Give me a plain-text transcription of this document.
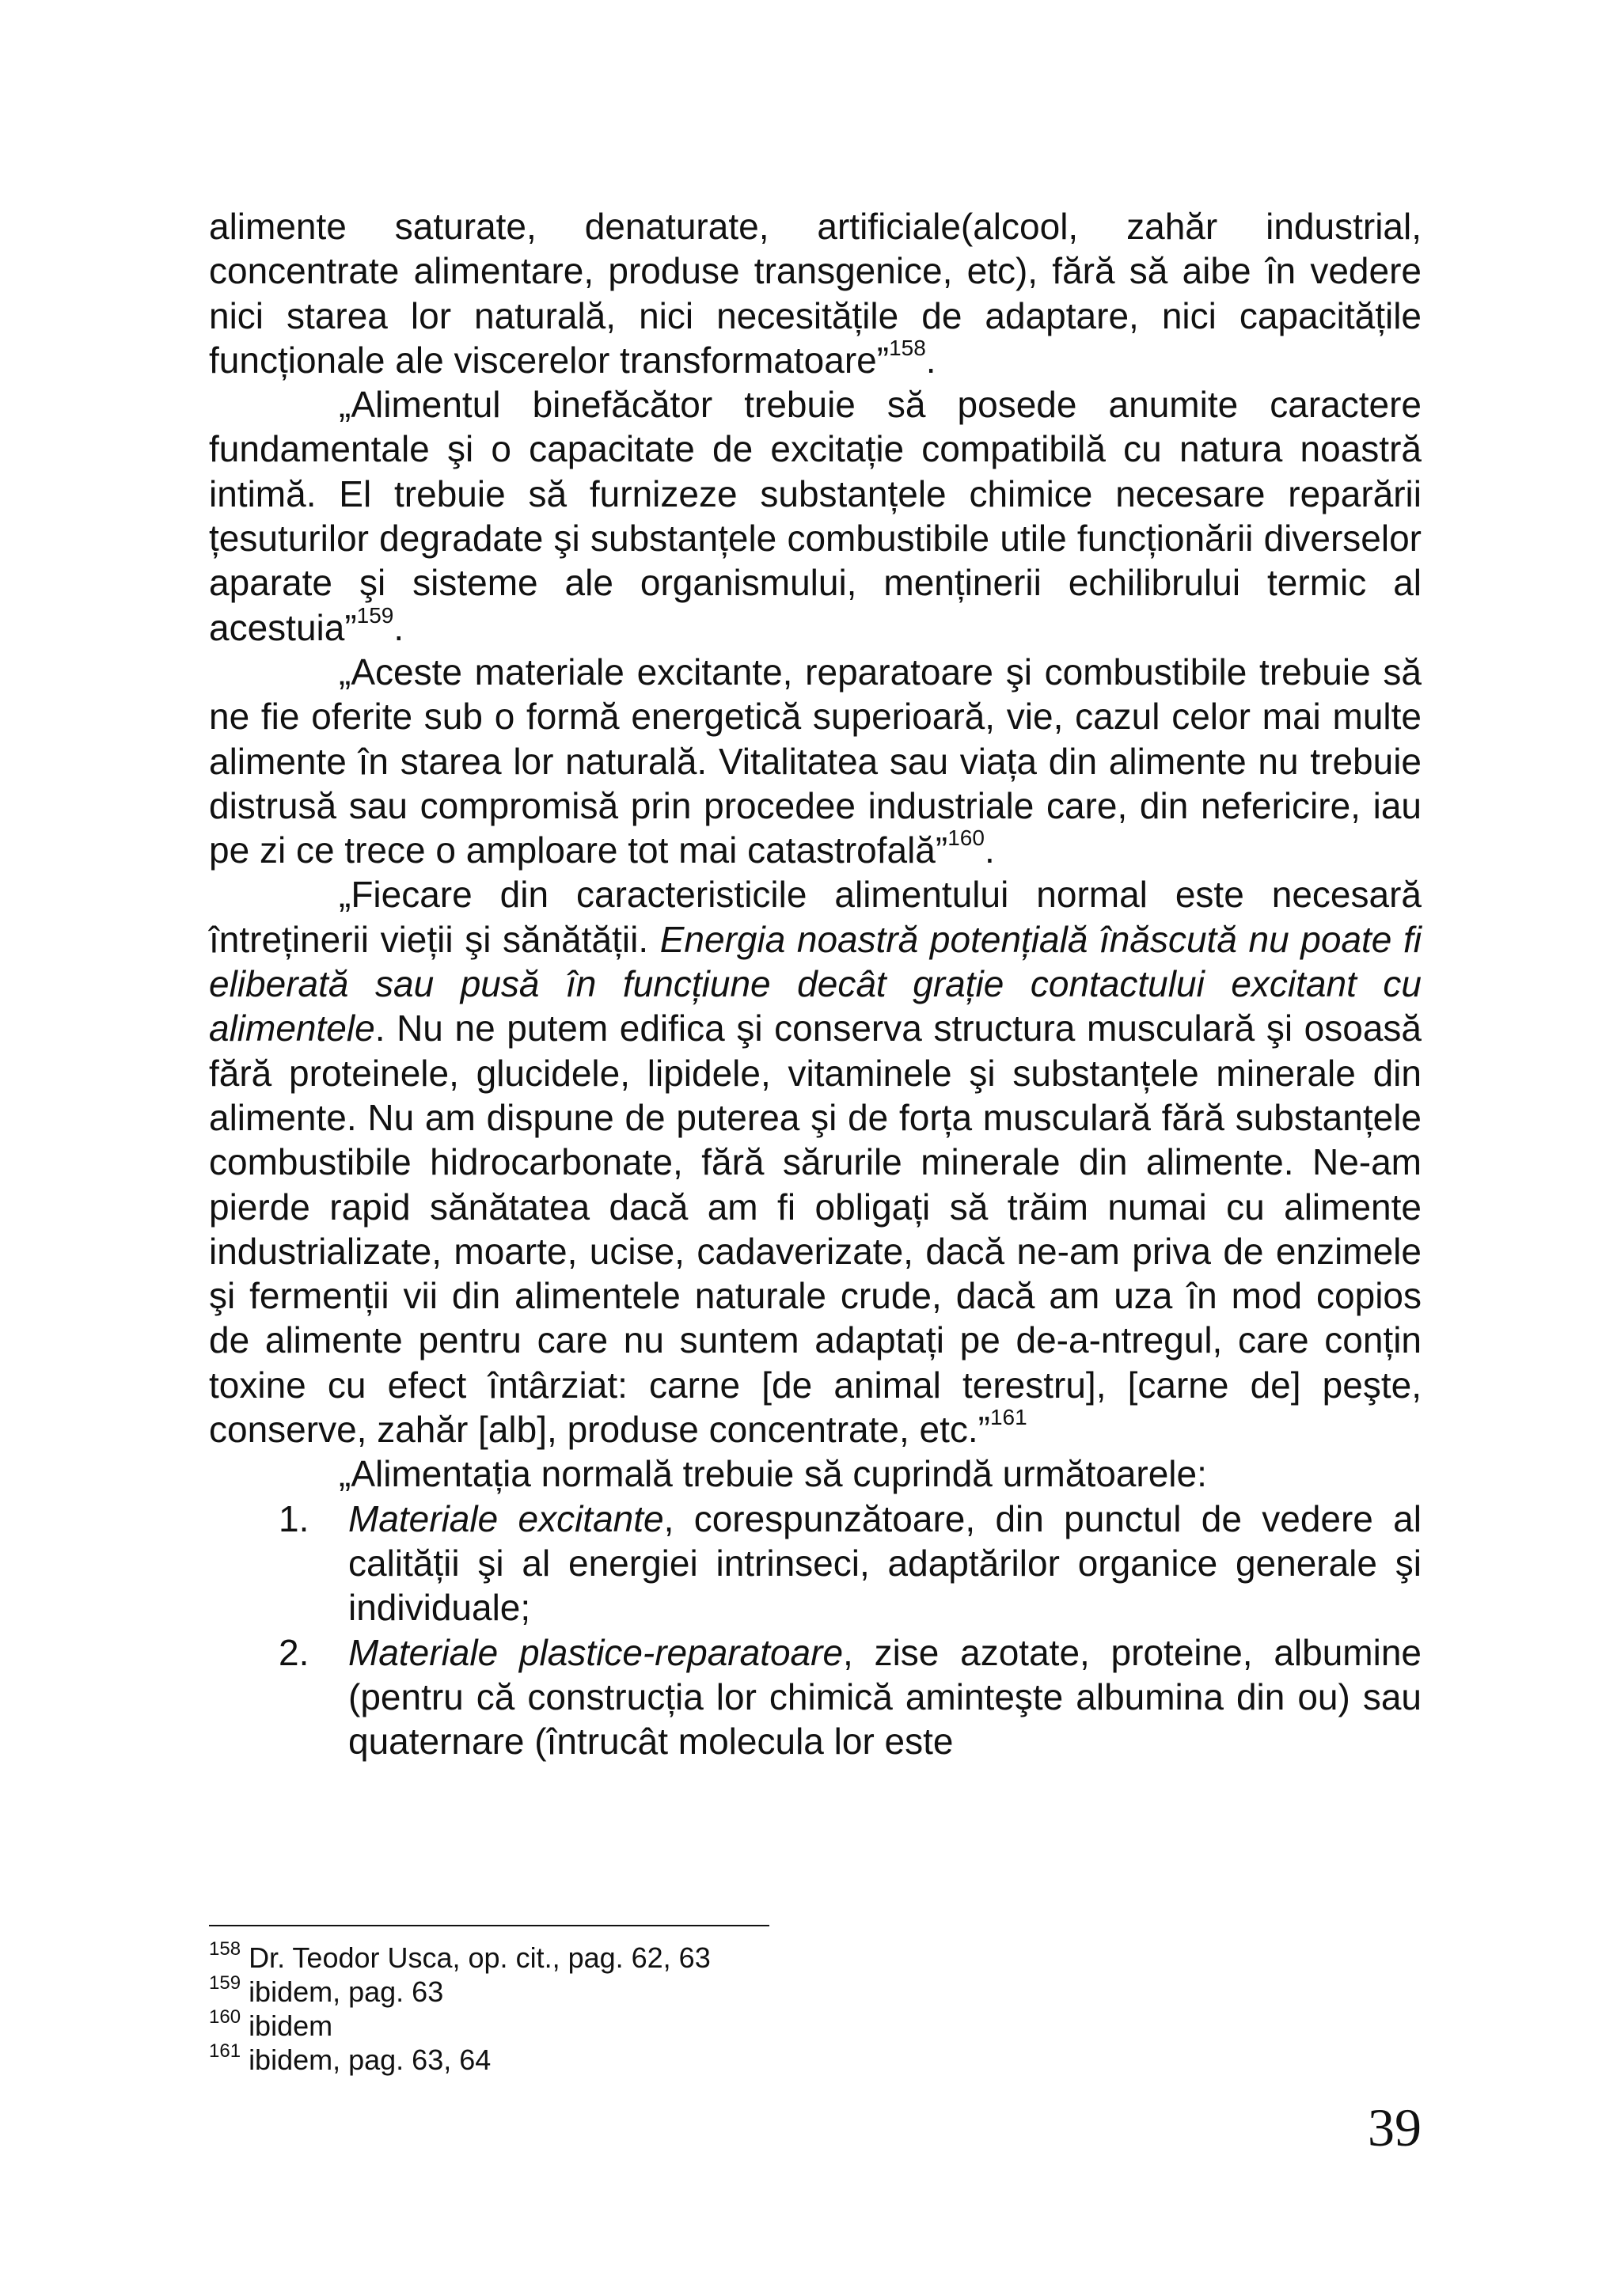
alimente saturate, denaturate, artificiale(alcool, zahăr industrial, concentrate alimentare, produse transgenice, etc), fără să aibe în vedere nici starea lor naturală, nici necesitățile de adaptare, nici capacitățile funcționale ale viscerelor transformatoare”$^{158}$.

„Alimentul binefăcător trebuie să posede anumite caractere fundamentale şi o capacitate de excitație compatibilă cu natura noastră intimă. El trebuie să furnizeze substanțele chimice necesare reparării țesuturilor degradate şi substanțele combustibile utile funcționării diverselor aparate şi sisteme ale organismului, menținerii echilibrului termic al acestuia”$^{159}$.

„Aceste materiale excitante, reparatoare şi combustibile trebuie să ne fie oferite sub o formă energetică superioară, vie, cazul celor mai multe alimente în starea lor naturală. Vitalitatea sau viața din alimente nu trebuie distrusă sau compromisă prin procedee industriale care, din nefericire, iau pe zi ce trece o amploare tot mai catastrofală”$^{160}$.

„Fiecare din caracteristicile alimentului normal este necesară întreținerii vieții şi sănătății. Energia noastră potențială înăscută nu poate fi eliberată sau pusă în funcțiune decât grație contactului excitant cu alimentele. Nu ne putem edifica şi conserva structura musculară şi osoasă fără proteinele, glucidele, lipidele, vitaminele şi substanțele minerale din alimente. Nu am dispune de puterea şi de forța musculară fără substanțele combustibile hidrocarbonate, fără sărurile minerale din alimente. Ne-am pierde rapid sănătatea dacă am fi obligați să trăim numai cu alimente industrializate, moarte, ucise, cadaverizate, dacă ne-am priva de enzimele şi fermenții vii din alimentele naturale crude, dacă am uza în mod copios de alimente pentru care nu suntem adaptați pe de-a-ntregul, care conțin toxine cu efect întârziat: carne [de animal terestru], [carne de] peşte, conserve, zahăr [alb], produse concentrate, etc.”$^{161}$

„Alimentația normală trebuie să cuprindă următoarele:

1. Materiale excitante, corespunzătoare, din punctul de vedere al calității şi al energiei intrinseci, adaptărilor organice generale şi individuale;
2. Materiale plastice-reparatoare, zise azotate, proteine, albumine (pentru că construcția lor chimică aminteşte albumina din ou) sau quaternare (întrucât molecula lor este

$^{158}$ Dr. Teodor Usca, op. cit., pag. 62, 63

$^{159}$ ibidem, pag. 63

$^{160}$ ibidem

$^{161}$ ibidem, pag. 63, 64

39
